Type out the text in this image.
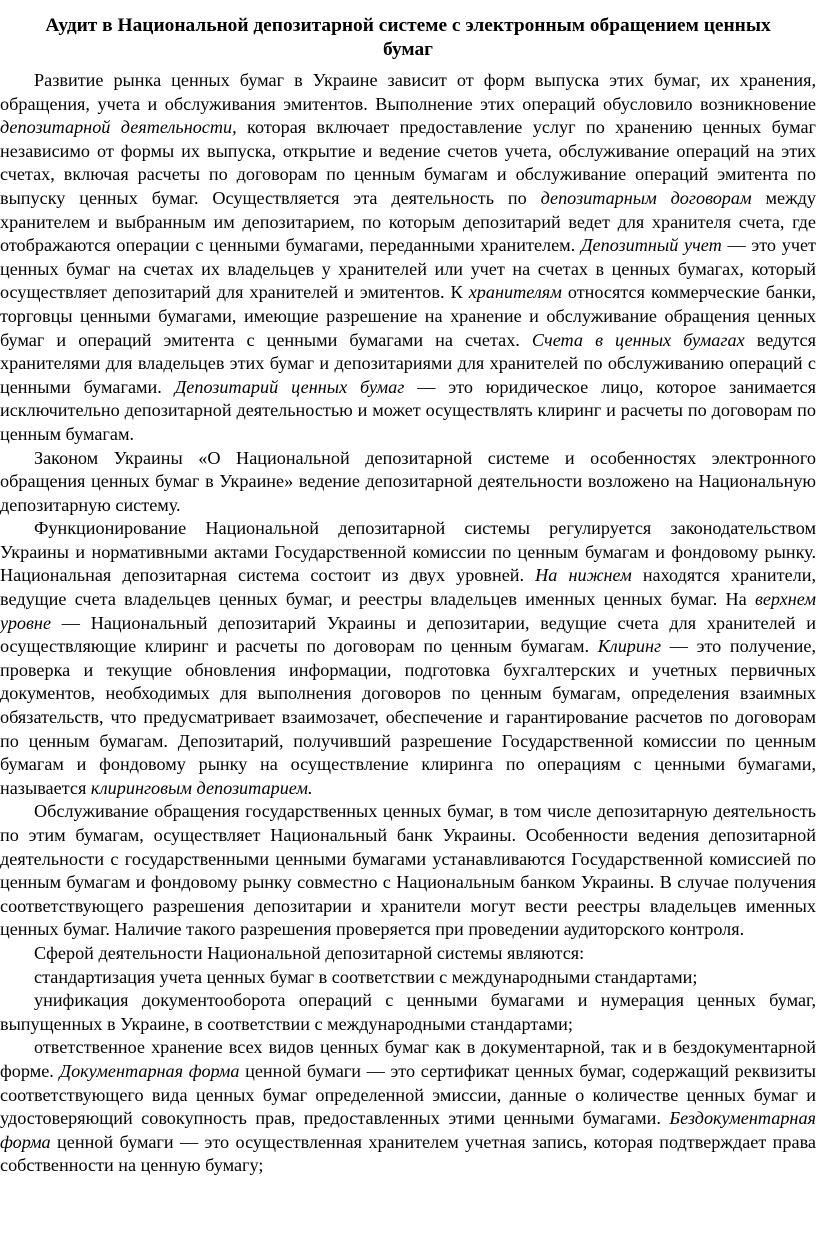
Аудит в Национальной депозитарной системе с электронным обращением ценных бумаг

Развитие рынка ценных бумаг в Украине зависит от форм выпуска этих бумаг, их хранения, обращения, учета и обслуживания эмитентов. Выполнение этих операций обусловило возникновение депозитарной деятельности, которая включает предоставление услуг по хранению ценных бумаг независимо от формы их выпуска, открытие и ведение счетов учета, обслуживание операций на этих счетах, включая расчеты по договорам по ценным бумагам и обслуживание операций эмитента по выпуску ценных бумаг. Осуществляется эта деятельность по депозитарным договорам между хранителем и выбранным им депозитарием, по которым депозитарий ведет для хранителя счета, где отображаются операции с ценными бумагами, переданными хранителем. Депозитный учет — это учет ценных бумаг на счетах их владельцев у хранителей или учет на счетах в ценных бумагах, который осуществляет депозитарий для хранителей и эмитентов. К хранителям относятся коммерческие банки, торговцы ценными бумагами, имеющие разрешение на хранение и обслуживание обращения ценных бумаг и операций эмитента с ценными бумагами на счетах. Счета в ценных бумагах ведутся хранителями для владельцев этих бумаг и депозитариями для хранителей по обслуживанию операций с ценными бумагами. Депозитарий ценных бумаг — это юридическое лицо, которое занимается исключительно депозитарной деятельностью и может осуществлять клиринг и расчеты по договорам по ценным бумагам.

Законом Украины «О Национальной депозитарной системе и особенностях электронного обращения ценных бумаг в Украине» ведение депозитарной деятельности возложено на Национальную депозитарную систему.

Функционирование Национальной депозитарной системы регулируется законодательством Украины и нормативными актами Государственной комиссии по ценным бумагам и фондовому рынку. Национальная депозитарная система состоит из двух уровней. На нижнем находятся хранители, ведущие счета владельцев ценных бумаг, и реестры владельцев именных ценных бумаг. На верхнем уровне — Национальный депозитарий Украины и депозитарии, ведущие счета для хранителей и осуществляющие клиринг и расчеты по договорам по ценным бумагам. Клиринг — это получение, проверка и текущие обновления информации, подготовка бухгалтерских и учетных первичных документов, необходимых для выполнения договоров по ценным бумагам, определения взаимных обязательств, что предусматривает взаимозачет, обеспечение и гарантирование расчетов по договорам по ценным бумагам. Депозитарий, получивший разрешение Государственной комиссии по ценным бумагам и фондовому рынку на осуществление клиринга по операциям с ценными бумагами, называется клиринговым депозитарием.

Обслуживание обращения государственных ценных бумаг, в том числе депозитарную деятельность по этим бумагам, осуществляет Национальный банк Украины. Особенности ведения депозитарной деятельности с государственными ценными бумагами устанавливаются Государственной комиссией по ценным бумагам и фондовому рынку совместно с Национальным банком Украины. В случае получения соответствующего разрешения депозитарии и хранители могут вести реестры владельцев именных ценных бумаг. Наличие такого разрешения проверяется при проведении аудиторского контроля.

Сферой деятельности Национальной депозитарной системы являются:

стандартизация учета ценных бумаг в соответствии с международными стандартами;

унификация документооборота операций с ценными бумагами и нумерация ценных бумаг, выпущенных в Украине, в соответствии с международными стандартами;

ответственное хранение всех видов ценных бумаг как в документарной, так и в бездокументарной форме. Документарная форма ценной бумаги — это сертификат ценных бумаг, содержащий реквизиты соответствующего вида ценных бумаг определенной эмиссии, данные о количестве ценных бумаг и удостоверяющий совокупность прав, предоставленных этими ценными бумагами. Бездокументарная форма ценной бумаги — это осуществленная хранителем учетная запись, которая подтверждает права собственности на ценную бумагу;
